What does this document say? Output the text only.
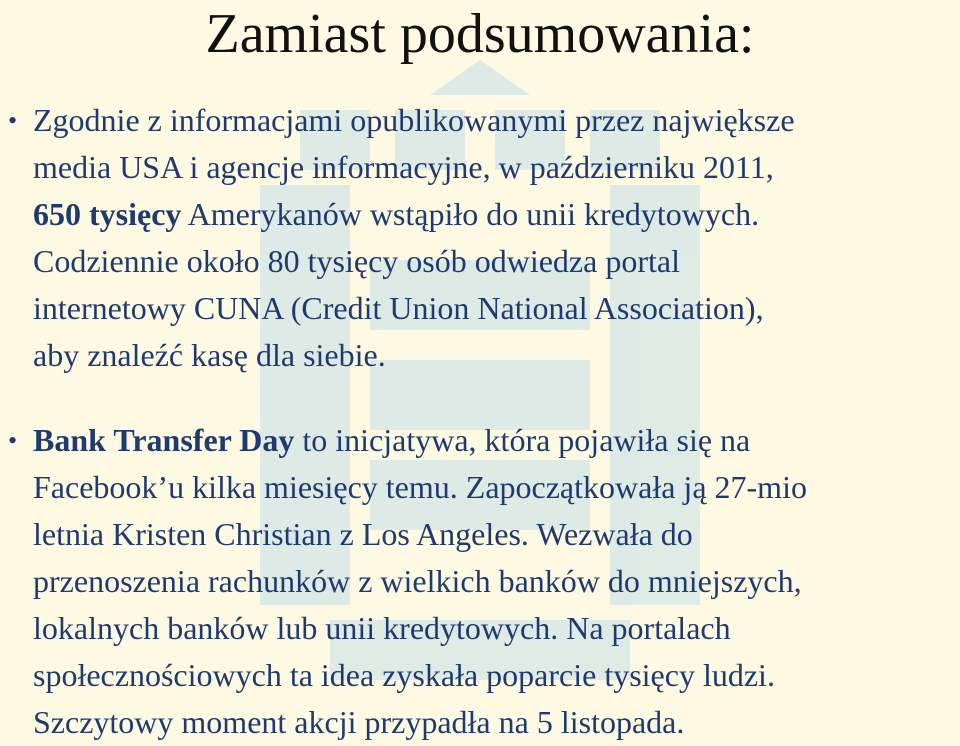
Zamiast podsumowania:
• Zgodnie z informacjami opublikowanymi przez największe
media USA i agencje informacyjne, w październiku 2011,
650 tysięcy Amerykanów wstąpiło do unii kredytowych.
Codziennie około 80 tysięcy osób odwiedza portal
internetowy CUNA (Credit Union National Association),
aby znaleźć kasę dla siebie.
• Bank Transfer Day to inicjatywa, która pojawiła się na
Facebook’u kilka miesięcy temu. Zapoczątkowała ją 27-mio
letnia Kristen Christian z Los Angeles. Wezwała do
przenoszenia rachunków z wielkich banków do mniejszych,
lokalnych banków lub unii kredytowych. Na portalach
społecznościowych ta idea zyskała poparcie tysięcy ludzi.
Szczytowy moment akcji przypadła na 5 listopada.
